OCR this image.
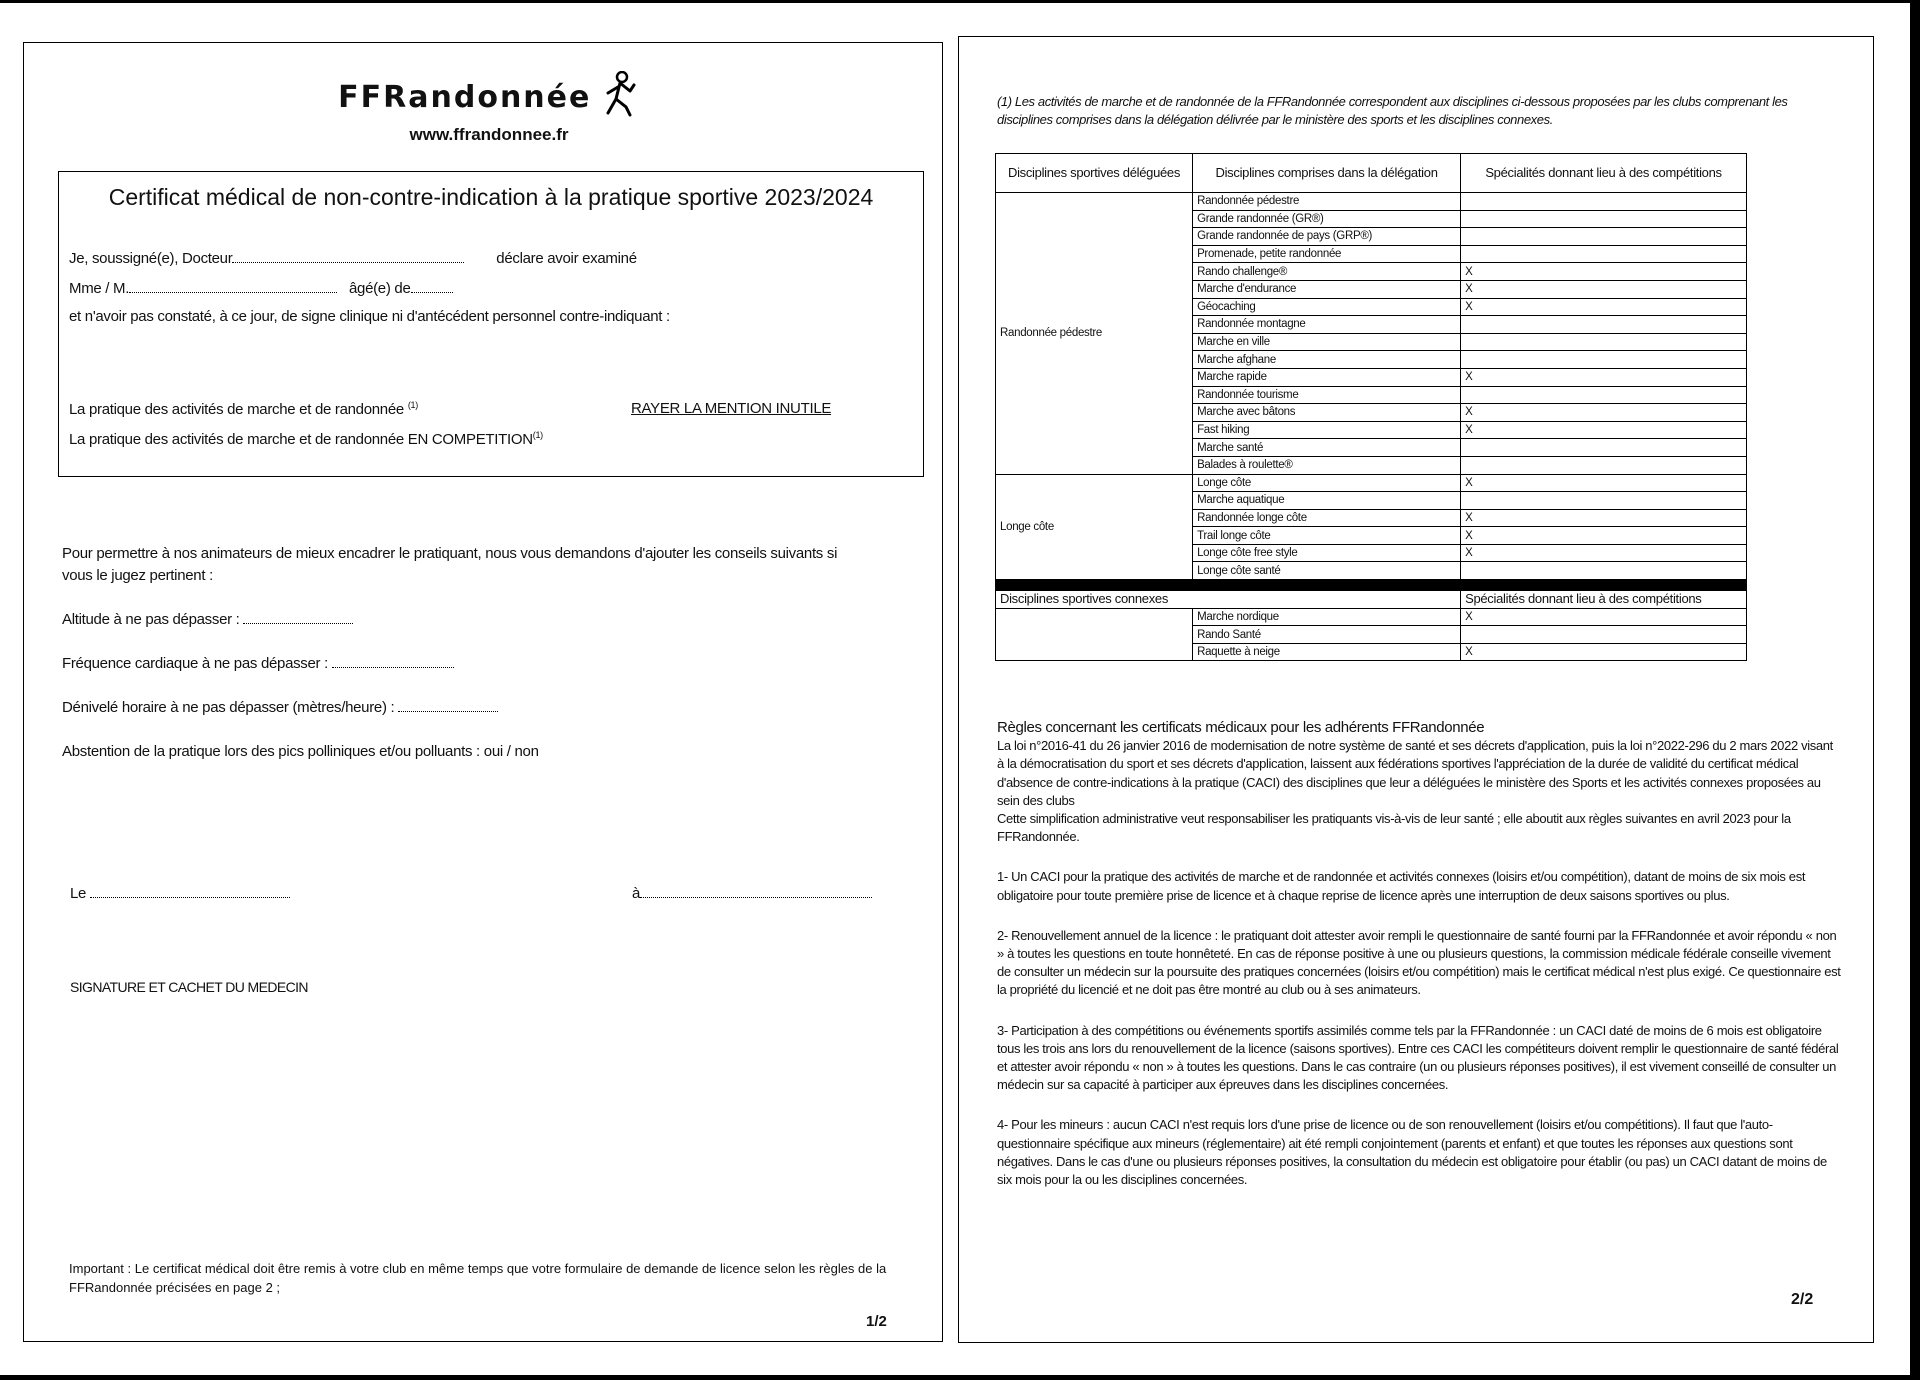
FFRandonnée
www.ffrandonnee.fr
Certificat médical de non-contre-indication à la pratique sportive 2023/2024
Je, soussigné(e), Docteur	déclare avoir examiné
Mme / M.	âgé(e) de
et n'avoir pas constaté, à ce jour, de signe clinique ni d'antécédent personnel contre-indiquant :
La pratique des activités de marche et de randonnée $^{(1)}$	RAYER LA MENTION INUTILE
La pratique des activités de marche et de randonnée EN COMPETITION$^{(1)}$
Pour permettre à nos animateurs de mieux encadrer le pratiquant, nous vous demandons d'ajouter les conseils suivants si vous le jugez pertinent :
Altitude à ne pas dépasser :
Fréquence cardiaque à ne pas dépasser :
Dénivelé horaire à ne pas dépasser (mètres/heure) :
Abstention de la pratique lors des pics polliniques et/ou polluants : oui / non
Le	à
SIGNATURE ET CACHET DU MEDECIN
Important : Le certificat médical doit être remis à votre club en même temps que votre formulaire de demande de licence selon les règles de la FFRandonnée précisées en page 2 ;
1/2
(1) Les activités de marche et de randonnée de la FFRandonnée correspondent aux disciplines ci-dessous proposées par les clubs comprenant les disciplines comprises dans la délégation délivrée par le ministère des sports et les disciplines connexes.
Disciplines sportives déléguées	Disciplines comprises dans la délégation	Spécialités donnant lieu à des compétitions
Randonnée pédestre	Randonnée pédestre	
	Grande randonnée (GR®)	
	Grande randonnée de pays (GRP®)	
	Promenade, petite randonnée	
	Rando challenge®	X
	Marche d'endurance	X
	Géocaching	X
	Randonnée montagne	
	Marche en ville	
	Marche afghane	
	Marche rapide	X
	Randonnée tourisme	
	Marche avec bâtons	X
	Fast hiking	X
	Marche santé	
	Balades à roulette®	
Longe côte	Longe côte	X
	Marche aquatique	
	Randonnée longe côte	X
	Trail longe côte	X
	Longe côte free style	X
	Longe côte santé	

Disciplines sportives connexes		Spécialités donnant lieu à des compétitions
	Marche nordique	X
	Rando Santé	
	Raquette à neige	X

Règles concernant les certificats médicaux pour les adhérents FFRandonnée

La loi n°2016-41 du 26 janvier 2016 de modernisation de notre système de santé et ses décrets d'application, puis la loi n°2022-296 du 2 mars 2022 visant à la démocratisation du sport et ses décrets d'application, laissent aux fédérations sportives l'appréciation de la durée de validité du certificat médical d'absence de contre-indications à la pratique (CACI) des disciplines que leur a déléguées le ministère des Sports et les activités connexes proposées au sein des clubs

Cette simplification administrative veut responsabiliser les pratiquants vis-à-vis de leur santé ; elle aboutit aux règles suivantes en avril 2023 pour la FFRandonnée.

1- Un CACI pour la pratique des activités de marche et de randonnée et activités connexes (loisirs et/ou compétition), datant de moins de six mois est obligatoire pour toute première prise de licence et à chaque reprise de licence après une interruption de deux saisons sportives ou plus.

2- Renouvellement annuel de la licence : le pratiquant doit attester avoir rempli le questionnaire de santé fourni par la FFRandonnée et avoir répondu « non » à toutes les questions en toute honnêteté. En cas de réponse positive à une ou plusieurs questions, la commission médicale fédérale conseille vivement de consulter un médecin sur la poursuite des pratiques concernées (loisirs et/ou compétition) mais le certificat médical n'est plus exigé. Ce questionnaire est la propriété du licencié et ne doit pas être montré au club ou à ses animateurs.

3- Participation à des compétitions ou événements sportifs assimilés comme tels par la FFRandonnée : un CACI daté de moins de 6 mois est obligatoire tous les trois ans lors du renouvellement de la licence (saisons sportives). Entre ces CACI les compétiteurs doivent remplir le questionnaire de santé fédéral et attester avoir répondu « non » à toutes les questions. Dans le cas contraire (un ou plusieurs réponses positives), il est vivement conseillé de consulter un médecin sur sa capacité à participer aux épreuves dans les disciplines concernées.

4- Pour les mineurs : aucun CACI n'est requis lors d'une prise de licence ou de son renouvellement (loisirs et/ou compétitions). Il faut que l'auto-questionnaire spécifique aux mineurs (réglementaire) ait été rempli conjointement (parents et enfant) et que toutes les réponses aux questions sont négatives. Dans le cas d'une ou plusieurs réponses positives, la consultation du médecin est obligatoire pour établir (ou pas) un CACI datant de moins de six mois pour la ou les disciplines concernées.

2/2
